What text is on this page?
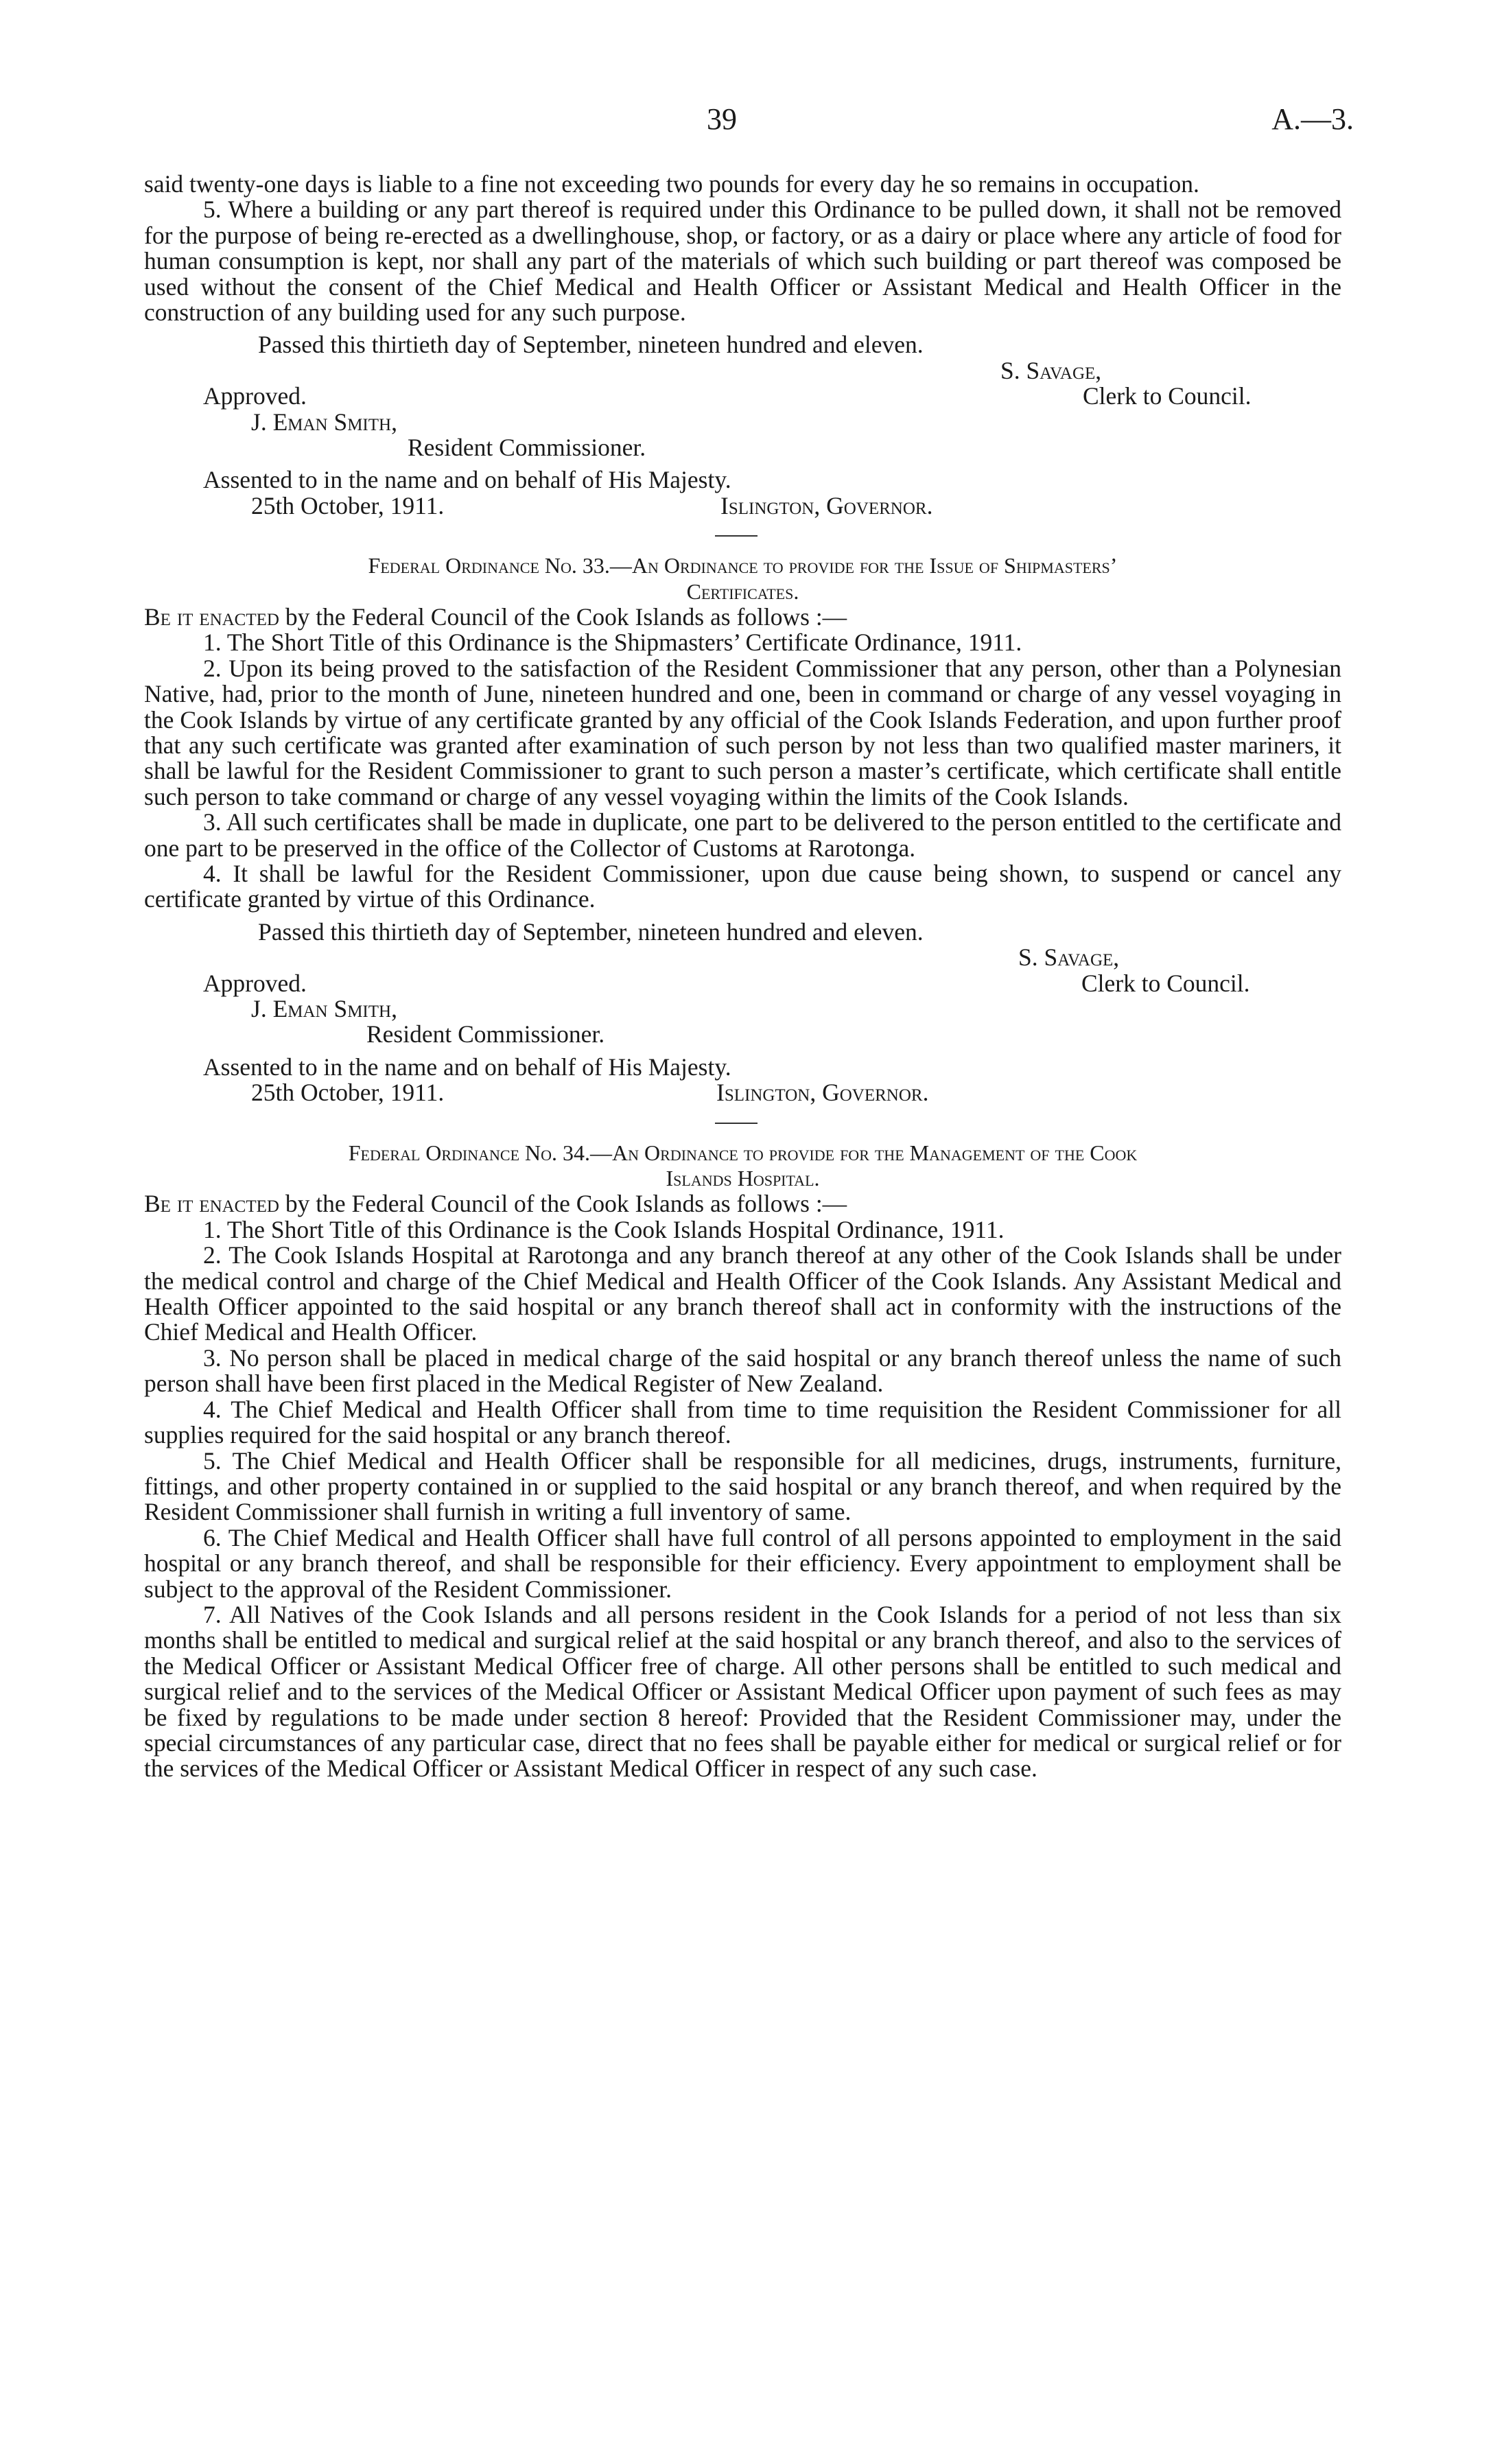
39	A.—3.

said twenty-one days is liable to a fine not exceeding two pounds for every day he so remains in occupation.

5. Where a building or any part thereof is required under this Ordinance to be pulled down, it shall not be removed for the purpose of being re-erected as a dwellinghouse, shop, or factory, or as a dairy or place where any article of food for human consumption is kept, nor shall any part of the materials of which such building or part thereof was composed be used without the consent of the Chief Medical and Health Officer or Assistant Medical and Health Officer in the construction of any building used for any such purpose.

Passed this thirtieth day of September, nineteen hundred and eleven.

S. Savage,
Approved.	Clerk to Council.
J. Eman Smith,
Resident Commissioner.
Assented to in the name and on behalf of His Majesty.
25th October, 1911.	Islington, Governor.
Federal Ordinance No. 33.—An Ordinance to provide for the Issue of Shipmasters’
Certificates.

Be it enacted by the Federal Council of the Cook Islands as follows :—

1. The Short Title of this Ordinance is the Shipmasters’ Certificate Ordinance, 1911.

2. Upon its being proved to the satisfaction of the Resident Commissioner that any person, other than a Polynesian Native, had, prior to the month of June, nineteen hundred and one, been in command or charge of any vessel voyaging in the Cook Islands by virtue of any certificate granted by any official of the Cook Islands Federation, and upon further proof that any such certificate was granted after examination of such person by not less than two qualified master mariners, it shall be lawful for the Resident Commissioner to grant to such person a master’s certificate, which certificate shall entitle such person to take command or charge of any vessel voyaging within the limits of the Cook Islands.

3. All such certificates shall be made in duplicate, one part to be delivered to the person entitled to the certificate and one part to be preserved in the office of the Collector of Customs at Rarotonga.

4. It shall be lawful for the Resident Commissioner, upon due cause being shown, to suspend or cancel any certificate granted by virtue of this Ordinance.

Passed this thirtieth day of September, nineteen hundred and eleven.

S. Savage,
Approved.	Clerk to Council.
J. Eman Smith,
Resident Commissioner.
Assented to in the name and on behalf of His Majesty.
25th October, 1911.	Islington, Governor.
Federal Ordinance No. 34.—An Ordinance to provide for the Management of the Cook
Islands Hospital.

Be it enacted by the Federal Council of the Cook Islands as follows :—

1. The Short Title of this Ordinance is the Cook Islands Hospital Ordinance, 1911.

2. The Cook Islands Hospital at Rarotonga and any branch thereof at any other of the Cook Islands shall be under the medical control and charge of the Chief Medical and Health Officer of the Cook Islands. Any Assistant Medical and Health Officer appointed to the said hospital or any branch thereof shall act in conformity with the instructions of the Chief Medical and Health Officer.

3. No person shall be placed in medical charge of the said hospital or any branch thereof unless the name of such person shall have been first placed in the Medical Register of New Zealand.

4. The Chief Medical and Health Officer shall from time to time requisition the Resident Commissioner for all supplies required for the said hospital or any branch thereof.

5. The Chief Medical and Health Officer shall be responsible for all medicines, drugs, instruments, furniture, fittings, and other property contained in or supplied to the said hospital or any branch thereof, and when required by the Resident Commissioner shall furnish in writing a full inventory of same.

6. The Chief Medical and Health Officer shall have full control of all persons appointed to employment in the said hospital or any branch thereof, and shall be responsible for their efficiency. Every appointment to employment shall be subject to the approval of the Resident Commissioner.

7. All Natives of the Cook Islands and all persons resident in the Cook Islands for a period of not less than six months shall be entitled to medical and surgical relief at the said hospital or any branch thereof, and also to the services of the Medical Officer or Assistant Medical Officer free of charge. All other persons shall be entitled to such medical and surgical relief and to the services of the Medical Officer or Assistant Medical Officer upon payment of such fees as may be fixed by regulations to be made under section 8 hereof: Provided that the Resident Commissioner may, under the special circumstances of any particular case, direct that no fees shall be payable either for medical or surgical relief or for the services of the Medical Officer or Assistant Medical Officer in respect of any such case.
